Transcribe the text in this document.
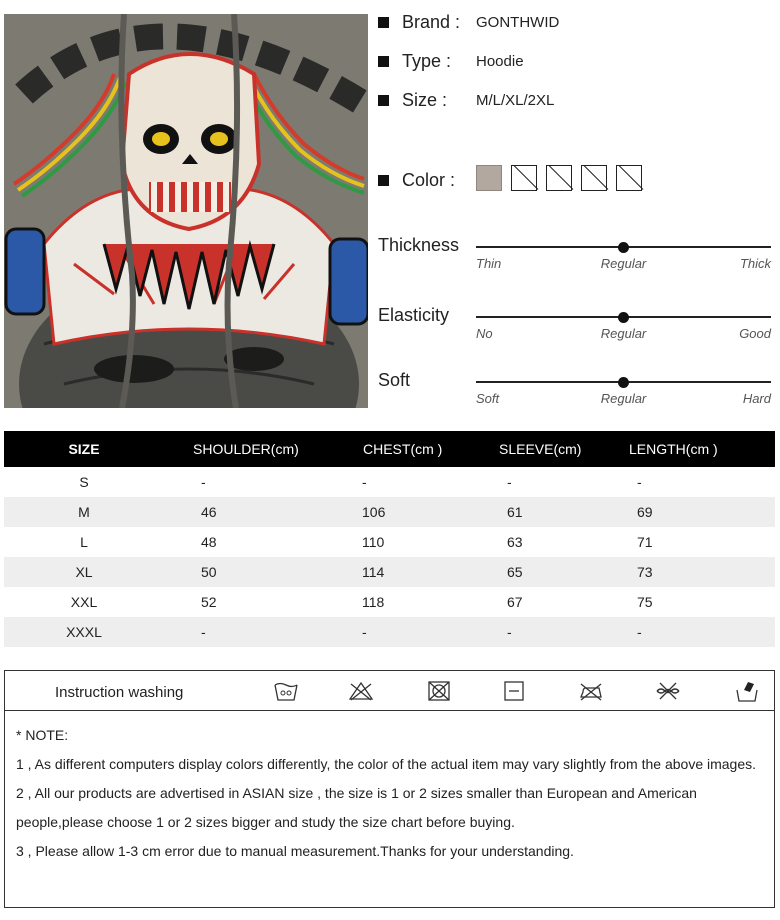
Brand :	GONTHWID
Type :	Hoodie
Size :	M/L/XL/2XL
Color :
Thickness
Thin	Regular	Thick
Elasticity
No	Regular	Good
Soft
Soft	Regular	Hard
SIZE	SHOULDER(cm)	CHEST(cm )	SLEEVE(cm)	LENGTH(cm )
S	-	-	-	-
M	46	106	61	69
L	48	110	63	71
XL	50	114	65	73
XXL	52	118	67	75
XXXL	-	-	-	-
Instruction washing
* NOTE:
1 , As different computers display colors differently, the color of the actual item may vary slightly from the above images.
2 , All our products are advertised in ASIAN size , the size is 1 or 2 sizes smaller than European and American people,please choose 1 or 2 sizes bigger and study the size chart before buying.
3 , Please allow 1-3 cm error due to manual measurement.Thanks for your understanding.
